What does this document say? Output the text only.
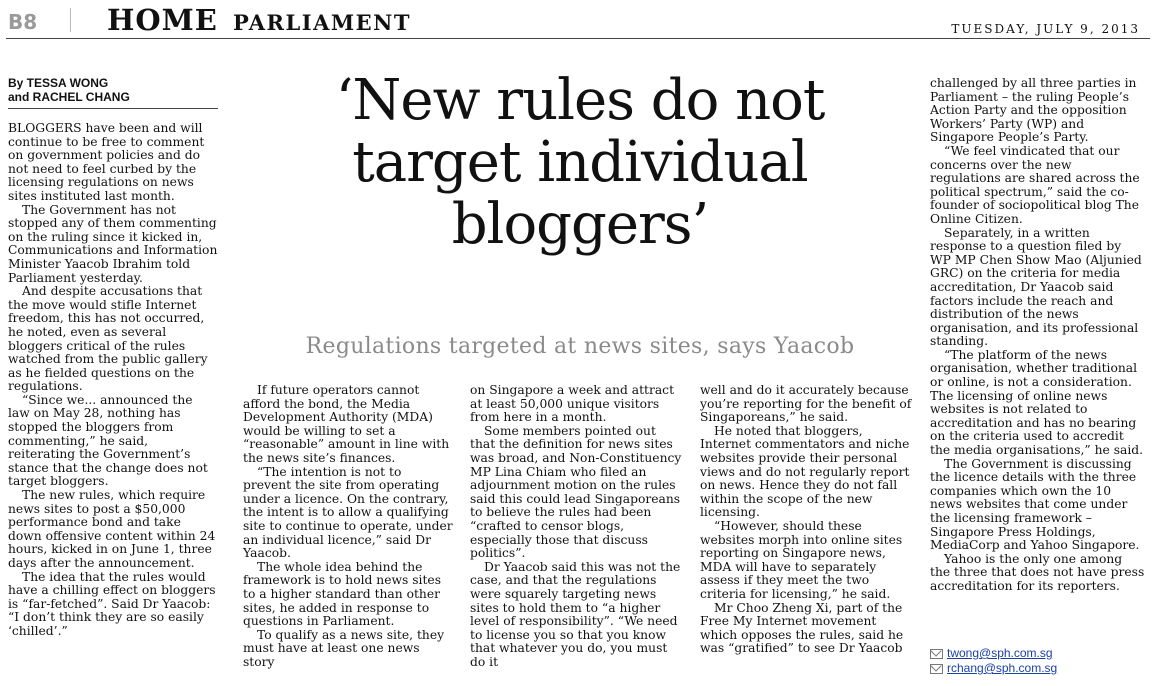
B8 HOME PARLIAMENT	TUESDAY, JULY 9, 2013
By TESSA WONG
and RACHEL CHANG	‘New rules do not
target individual
bloggers’
Regulations targeted at news sites, says Yaacob

BLOGGERS have been and will continue to be free to comment on government policies and do not need to feel curbed by the licensing regulations on news sites instituted last month.

The Government has not stopped any of them commenting on the ruling since it kicked in, Communications and Information Minister Yaacob Ibrahim told Parliament yesterday.

And despite accusations that the move would stifle Internet freedom, this has not occurred, he noted, even as several bloggers critical of the rules watched from the public gallery as he fielded questions on the regulations.

“Since we... announced the law on May 28, nothing has stopped the bloggers from commenting,” he said, reiterating the Government’s stance that the change does not target bloggers.

The new rules, which require news sites to post a $50,000 performance bond and take down offensive content within 24 hours, kicked in on June 1, three days after the announcement.

The idea that the rules would have a chilling effect on bloggers is “far-fetched”. Said Dr Yaacob: “I don’t think they are so easily ‘chilled’.”

If future operators cannot afford the bond, the Media Development Authority (MDA) would be willing to set a “reasonable” amount in line with the news site’s finances.

“The intention is not to prevent the site from operating under a licence. On the contrary, the intent is to allow a qualifying site to continue to operate, under an individual licence,” said Dr Yaacob.

The whole idea behind the framework is to hold news sites to a higher standard than other sites, he added in response to questions in Parliament.

To qualify as a news site, they must have at least one news story

on Singapore a week and attract at least 50,000 unique visitors from here in a month.

Some members pointed out that the definition for news sites was broad, and Non-Constituency MP Lina Chiam who filed an adjournment motion on the rules said this could lead Singaporeans to believe the rules had been “crafted to censor blogs, especially those that discuss politics”.

Dr Yaacob said this was not the case, and that the regulations were squarely targeting news sites to hold them to “a higher level of responsibility”. “We need to license you so that you know that whatever you do, you must do it

well and do it accurately because you’re reporting for the benefit of Singaporeans,” he said.

He noted that bloggers, Internet commentators and niche websites provide their personal views and do not regularly report on news. Hence they do not fall within the scope of the new licensing.

“However, should these websites morph into online sites reporting on Singapore news, MDA will have to separately assess if they meet the two criteria for licensing,” he said.

Mr Choo Zheng Xi, part of the Free My Internet movement which opposes the rules, said he was “gratified” to see Dr Yaacob

challenged by all three parties in Parliament – the ruling People’s Action Party and the opposition Workers’ Party (WP) and Singapore People’s Party.

“We feel vindicated that our concerns over the new regulations are shared across the political spectrum,” said the co-founder of sociopolitical blog The Online Citizen.

Separately, in a written response to a question filed by WP MP Chen Show Mao (Aljunied GRC) on the criteria for media accreditation, Dr Yaacob said factors include the reach and distribution of the news organisation, and its professional standing.

“The platform of the news organisation, whether traditional or online, is not a consideration. The licensing of online news websites is not related to accreditation and has no bearing on the criteria used to accredit the media organisations,” he said.

The Government is discussing the licence details with the three companies which own the 10 news websites that come under the licensing framework – Singapore Press Holdings, MediaCorp and Yahoo Singapore.

Yahoo is the only one among the three that does not have press accreditation for its reporters.

twong@sph.com.sg
rchang@sph.com.sg
